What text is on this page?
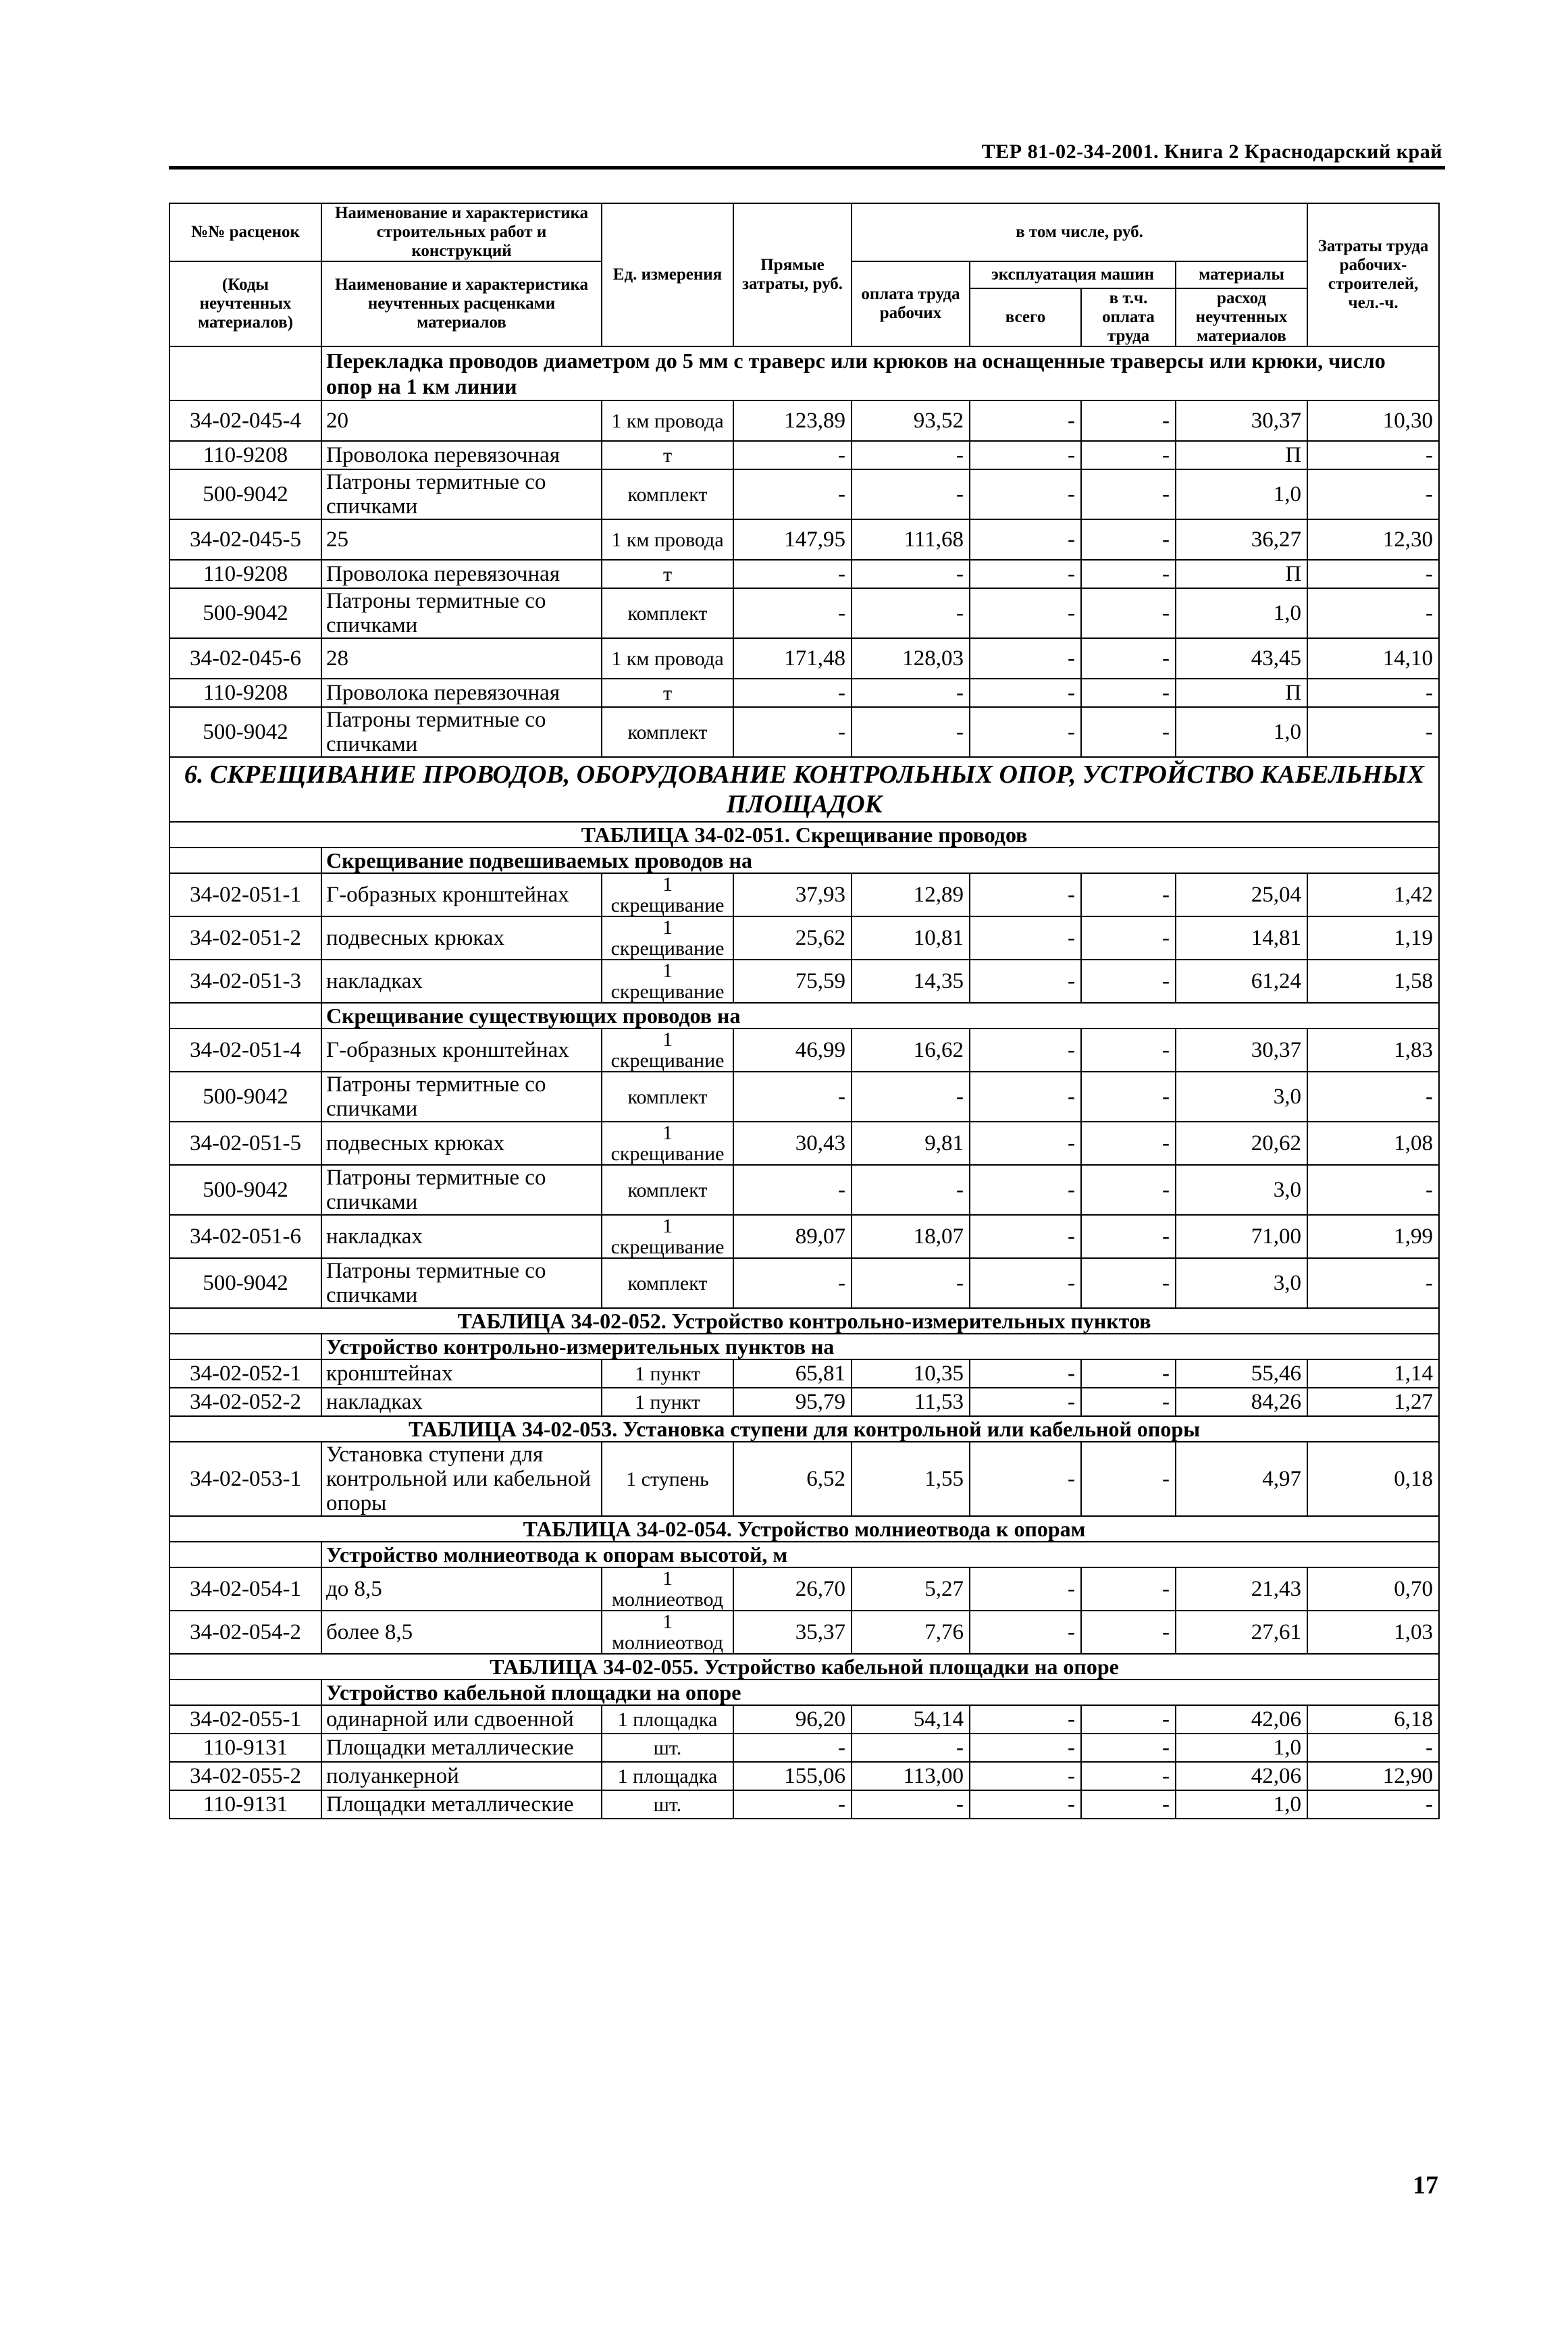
ТЕР 81-02-34-2001. Книга 2 Краснодарский край
№№ расценок	Наименование и характеристика строительных работ и конструкций	Ед. измерения	Прямые затраты, руб.	в том числе, руб.				Затраты труда рабочих-строителей, чел.-ч.
(Коды неучтенных материалов)	Наименование и характеристика неучтенных расценками материалов			оплата труда рабочих	эксплуатация машин		материалы	
					всего	в т.ч. оплата труда	расход неучтенных материалов	
	Перекладка проводов диаметром до 5 мм с траверс или крюков на оснащенные траверсы или крюки, число опор на 1 км линии							
34-02-045-4	20	1 км провода	123,89	93,52	-	-	30,37	10,30
110-9208	Проволока перевязочная	т	-	-	-	-	П	-
500-9042	Патроны термитные со спичками	комплект	-	-	-	-	1,0	-
34-02-045-5	25	1 км провода	147,95	111,68	-	-	36,27	12,30
110-9208	Проволока перевязочная	т	-	-	-	-	П	-
500-9042	Патроны термитные со спичками	комплект	-	-	-	-	1,0	-
34-02-045-6	28	1 км провода	171,48	128,03	-	-	43,45	14,10
110-9208	Проволока перевязочная	т	-	-	-	-	П	-
500-9042	Патроны термитные со спичками	комплект	-	-	-	-	1,0	-
6. СКРЕЩИВАНИЕ ПРОВОДОВ, ОБОРУДОВАНИЕ КОНТРОЛЬНЫХ ОПОР, УСТРОЙСТВО КАБЕЛЬНЫХ ПЛОЩАДОК								
ТАБЛИЦА 34-02-051. Скрещивание проводов								
	Скрещивание подвешиваемых проводов на							
34-02-051-1	Г-образных кронштейнах	1 скрещивание	37,93	12,89	-	-	25,04	1,42
34-02-051-2	подвесных крюках	1 скрещивание	25,62	10,81	-	-	14,81	1,19
34-02-051-3	накладках	1 скрещивание	75,59	14,35	-	-	61,24	1,58
	Скрещивание существующих проводов на							
34-02-051-4	Г-образных кронштейнах	1 скрещивание	46,99	16,62	-	-	30,37	1,83
500-9042	Патроны термитные со спичками	комплект	-	-	-	-	3,0	-
34-02-051-5	подвесных крюках	1 скрещивание	30,43	9,81	-	-	20,62	1,08
500-9042	Патроны термитные со спичками	комплект	-	-	-	-	3,0	-
34-02-051-6	накладках	1 скрещивание	89,07	18,07	-	-	71,00	1,99
500-9042	Патроны термитные со спичками	комплект	-	-	-	-	3,0	-
ТАБЛИЦА 34-02-052. Устройство контрольно-измерительных пунктов								
	Устройство контрольно-измерительных пунктов на							
34-02-052-1	кронштейнах	1 пункт	65,81	10,35	-	-	55,46	1,14
34-02-052-2	накладках	1 пункт	95,79	11,53	-	-	84,26	1,27
ТАБЛИЦА 34-02-053. Установка ступени для контрольной или кабельной опоры								
34-02-053-1	Установка ступени для контрольной или кабельной опоры	1 ступень	6,52	1,55	-	-	4,97	0,18
ТАБЛИЦА 34-02-054. Устройство молниеотвода к опорам								
	Устройство молниеотвода к опорам высотой, м							
34-02-054-1	до 8,5	1 молниеотвод	26,70	5,27	-	-	21,43	0,70
34-02-054-2	более 8,5	1 молниеотвод	35,37	7,76	-	-	27,61	1,03
ТАБЛИЦА 34-02-055. Устройство кабельной площадки на опоре								
	Устройство кабельной площадки на опоре							
34-02-055-1	одинарной или сдвоенной	1 площадка	96,20	54,14	-	-	42,06	6,18
110-9131	Площадки металлические	шт.	-	-	-	-	1,0	-
34-02-055-2	полуанкерной	1 площадка	155,06	113,00	-	-	42,06	12,90
110-9131	Площадки металлические	шт.	-	-	-	-	1,0	-
17
